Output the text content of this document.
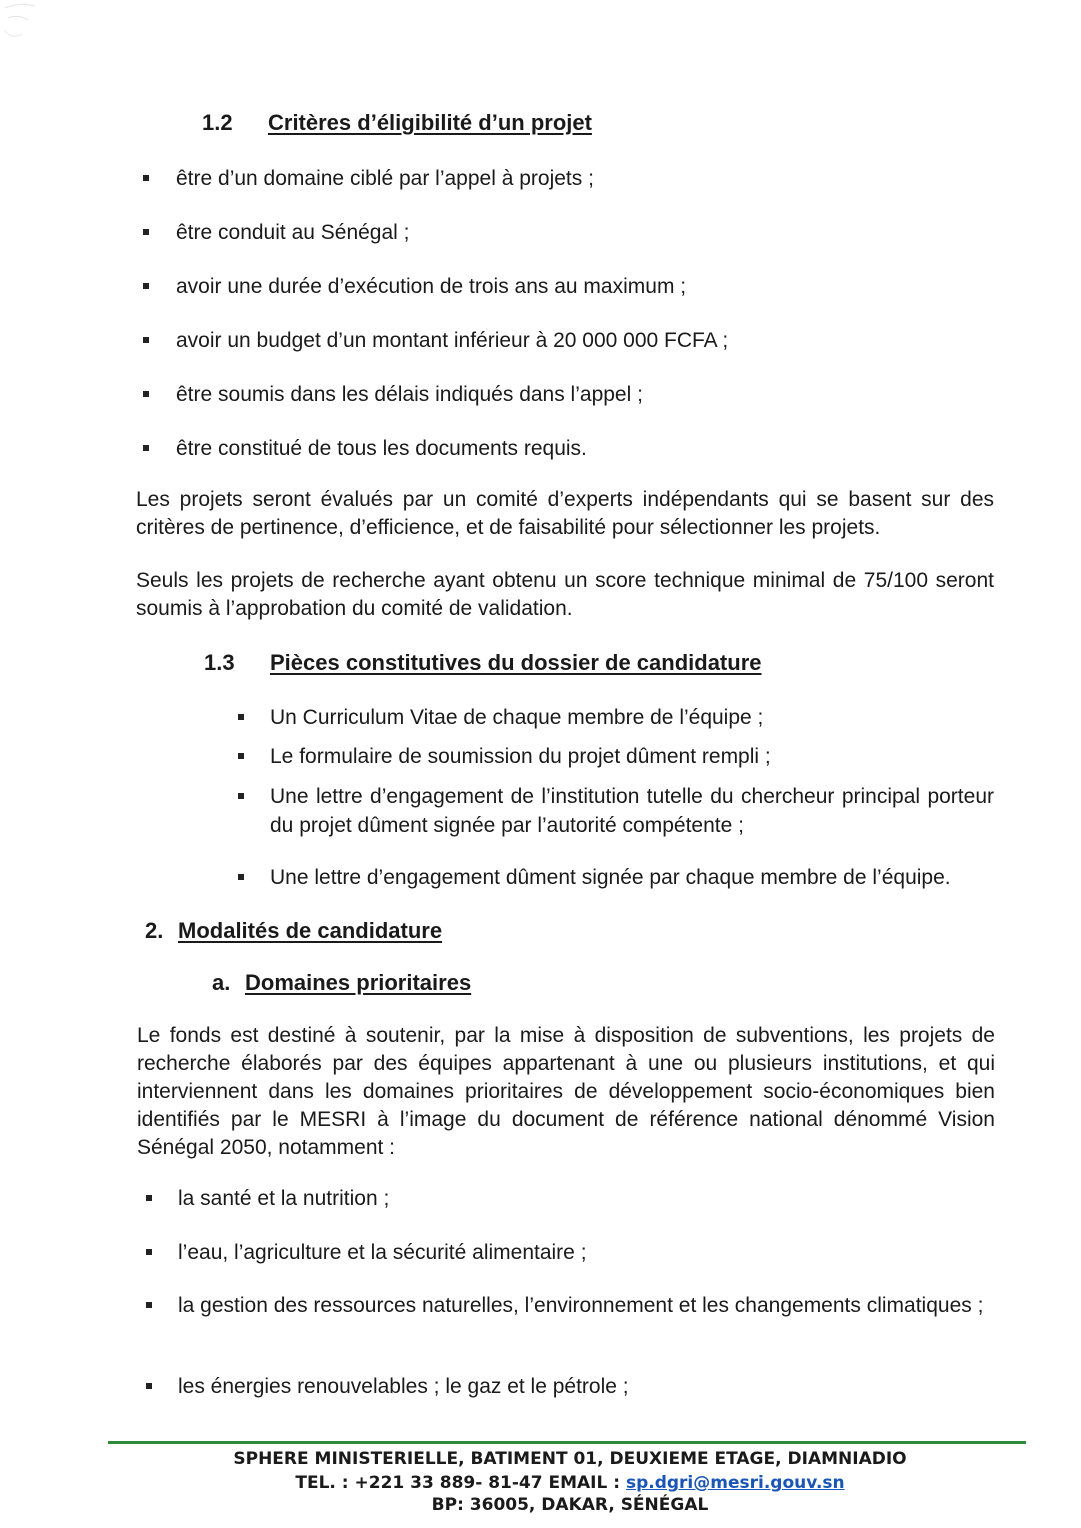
1.2 Critères d’éligibilité d’un projet
être d’un domaine ciblé par l’appel à projets ;
être conduit au Sénégal ;
avoir une durée d’exécution de trois ans au maximum ;
avoir un budget d’un montant inférieur à 20 000 000 FCFA ;
être soumis dans les délais indiqués dans l’appel ;
être constitué de tous les documents requis.
Les projets seront évalués par un comité d’experts indépendants qui se basent sur des critères de pertinence, d’efficience, et de faisabilité pour sélectionner les projets.
Seuls les projets de recherche ayant obtenu un score technique minimal de 75/100 seront soumis à l’approbation du comité de validation.
1.3 Pièces constitutives du dossier de candidature
Un Curriculum Vitae de chaque membre de l’équipe ;
Le formulaire de soumission du projet dûment rempli ;
Une lettre d’engagement de l’institution tutelle du chercheur principal porteur du projet dûment signée par l’autorité compétente ;
Une lettre d’engagement dûment signée par chaque membre de l’équipe.
2. Modalités de candidature
a. Domaines prioritaires
Le fonds est destiné à soutenir, par la mise à disposition de subventions, les projets de recherche élaborés par des équipes appartenant à une ou plusieurs institutions, et qui interviennent dans les domaines prioritaires de développement socio-économiques bien identifiés par le MESRI à l’image du document de référence national dénommé Vision Sénégal 2050, notamment :
la santé et la nutrition ;
l’eau, l’agriculture et la sécurité alimentaire ;
la gestion des ressources naturelles, l’environnement et les changements climatiques ;
les énergies renouvelables ; le gaz et le pétrole ;
SPHERE MINISTERIELLE, BATIMENT 01, DEUXIEME ETAGE, DIAMNIADIO
TEL. : +221 33 889- 81-47 EMAIL : sp.dgri@mesri.gouv.sn
BP: 36005, DAKAR, SÉNÉGAL
